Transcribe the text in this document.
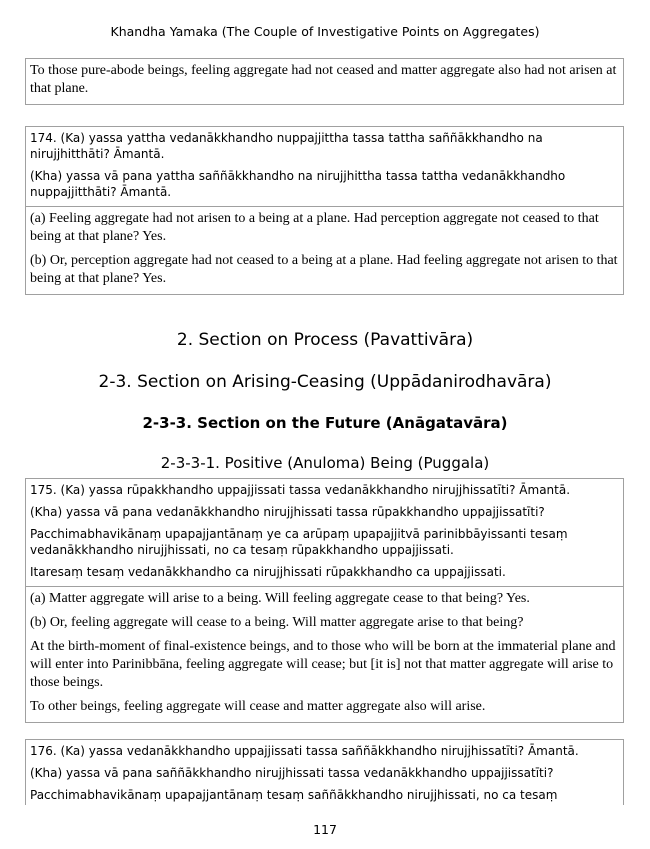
Khandha Yamaka (The Couple of Investigative Points on Aggregates)

To those pure-abode beings, feeling aggregate had not ceased and matter aggregate also had not arisen at that plane.

174. (Ka) yassa yattha vedanākkhandho nuppajjittha tassa tattha saññākkhandho na nirujjhitthāti? Āmantā.

(Kha) yassa vā pana yattha saññākkhandho na nirujjhittha tassa tattha vedanākkhandho nuppajjitthāti? Āmantā.

(a) Feeling aggregate had not arisen to a being at a plane. Had perception aggregate not ceased to that being at that plane? Yes.

(b) Or, perception aggregate had not ceased to a being at a plane. Had feeling aggregate not arisen to that being at that plane? Yes.

2. Section on Process (Pavattivāra)
2-3. Section on Arising-Ceasing (Uppādanirodhavāra)
2-3-3. Section on the Future (Anāgatavāra)
2-3-3-1. Positive (Anuloma) Being (Puggala)

175. (Ka) yassa rūpakkhandho uppajjissati tassa vedanākkhandho nirujjhissatīti? Āmantā.

(Kha) yassa vā pana vedanākkhandho nirujjhissati tassa rūpakkhandho uppajjissatīti?

Pacchimabhavikānaṃ upapajjantānaṃ ye ca arūpaṃ upapajjitvā parinibbāyissanti tesaṃ vedanākkhandho nirujjhissati, no ca tesaṃ rūpakkhandho uppajjissati.

Itaresaṃ tesaṃ vedanākkhandho ca nirujjhissati rūpakkhandho ca uppajjissati.

(a) Matter aggregate will arise to a being. Will feeling aggregate cease to that being? Yes.

(b) Or, feeling aggregate will cease to a being. Will matter aggregate arise to that being?

At the birth-moment of final-existence beings, and to those who will be born at the immaterial plane and will enter into Parinibbāna, feeling aggregate will cease; but [it is] not that matter aggregate will arise to those beings.

To other beings, feeling aggregate will cease and matter aggregate also will arise.

176. (Ka) yassa vedanākkhandho uppajjissati tassa saññākkhandho nirujjhissatīti? Āmantā.

(Kha) yassa vā pana saññākkhandho nirujjhissati tassa vedanākkhandho uppajjissatīti?

Pacchimabhavikānaṃ upapajjantānaṃ tesaṃ saññākkhandho nirujjhissati, no ca tesaṃ

117
